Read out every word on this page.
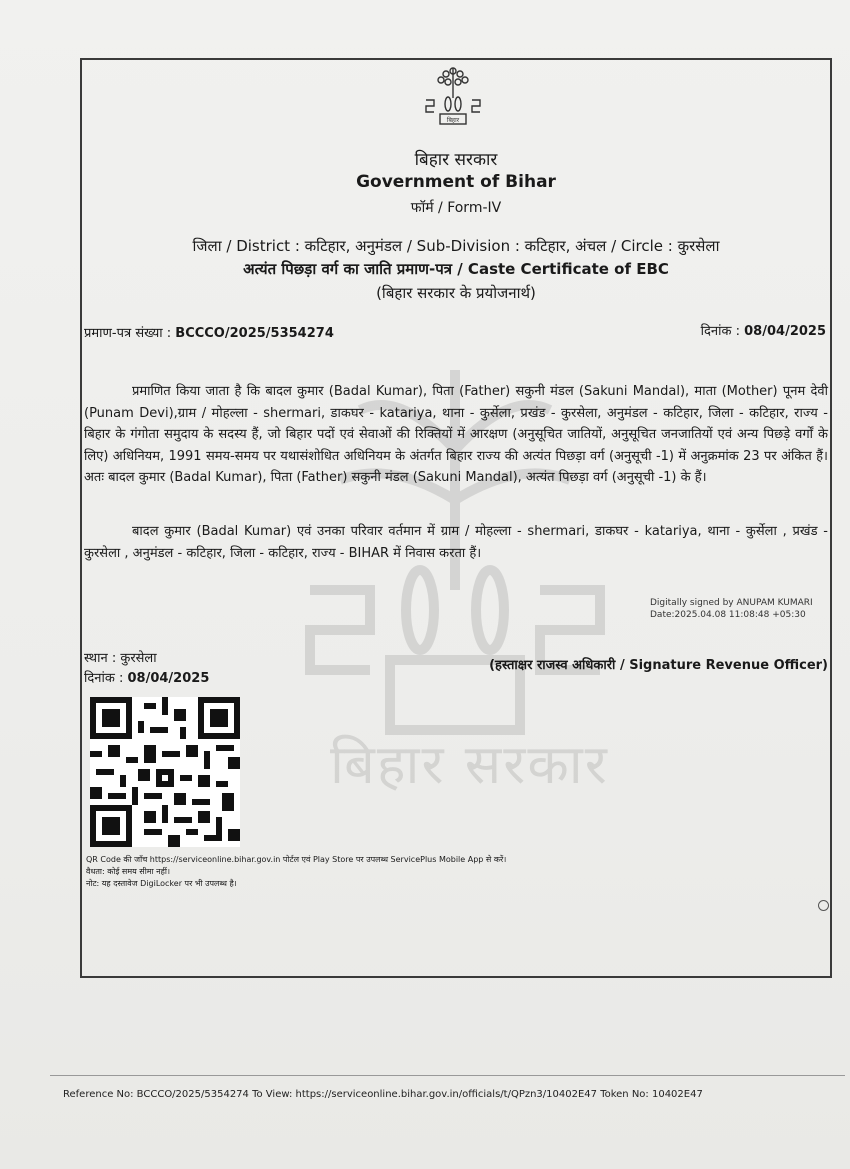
बिहार सरकार
बिहार
बिहार सरकार
Government of Bihar
फॉर्म / Form-IV
जिला / District : कटिहार, अनुमंडल / Sub-Division : कटिहार, अंचल / Circle : कुरसेला
अत्यंत पिछड़ा वर्ग का जाति प्रमाण-पत्र / Caste Certificate of EBC
(बिहार सरकार के प्रयोजनार्थ)
प्रमाण-पत्र संख्या : BCCCO/2025/5354274	दिनांक : 08/04/2025
प्रमाणित किया जाता है कि बादल कुमार (Badal Kumar), पिता (Father) सकुनी मंडल (Sakuni Mandal), माता (Mother) पूनम देवी (Punam Devi),ग्राम / मोहल्ला - shermari, डाकघर - katariya, थाना - कुर्सेला, प्रखंड - कुरसेला, अनुमंडल - कटिहार, जिला - कटिहार, राज्य - बिहार के गंगोता समुदाय के सदस्य हैं, जो बिहार पदों एवं सेवाओं की रिक्तियों में आरक्षण (अनुसूचित जातियों, अनुसूचित जनजातियों एवं अन्य पिछड़े वर्गों के लिए) अधिनियम, 1991 समय-समय पर यथासंशोधित अधिनियम के अंतर्गत बिहार राज्य की अत्यंत पिछड़ा वर्ग (अनुसूची -1) में अनुक्रमांक 23 पर अंकित हैं। अतः बादल कुमार (Badal Kumar), पिता (Father) सकुनी मंडल (Sakuni Mandal), अत्यंत पिछड़ा वर्ग (अनुसूची -1) के हैं।
बादल कुमार (Badal Kumar) एवं उनका परिवार वर्तमान में ग्राम / मोहल्ला - shermari, डाकघर - katariya, थाना - कुर्सेला , प्रखंड - कुरसेला , अनुमंडल - कटिहार, जिला - कटिहार, राज्य - BIHAR में निवास करता हैं।
Digitally signed by ANUPAM KUMARI
Date:2025.04.08 11:08:48 +05:30
(हस्ताक्षर राजस्व अधिकारी / Signature Revenue Officer)
स्थान : कुरसेला
दिनांक : 08/04/2025
QR Code की जाँच https://serviceonline.bihar.gov.in पोर्टल एवं Play Store पर उपलब्ध ServicePlus Mobile App से करें।
वैधता: कोई समय सीमा नहीं।
नोट: यह दस्तावेज DigiLocker पर भी उपलब्ध है।
Reference No: BCCCO/2025/5354274 To View: https://serviceonline.bihar.gov.in/officials/t/QPzn3/10402E47 Token No: 10402E47
